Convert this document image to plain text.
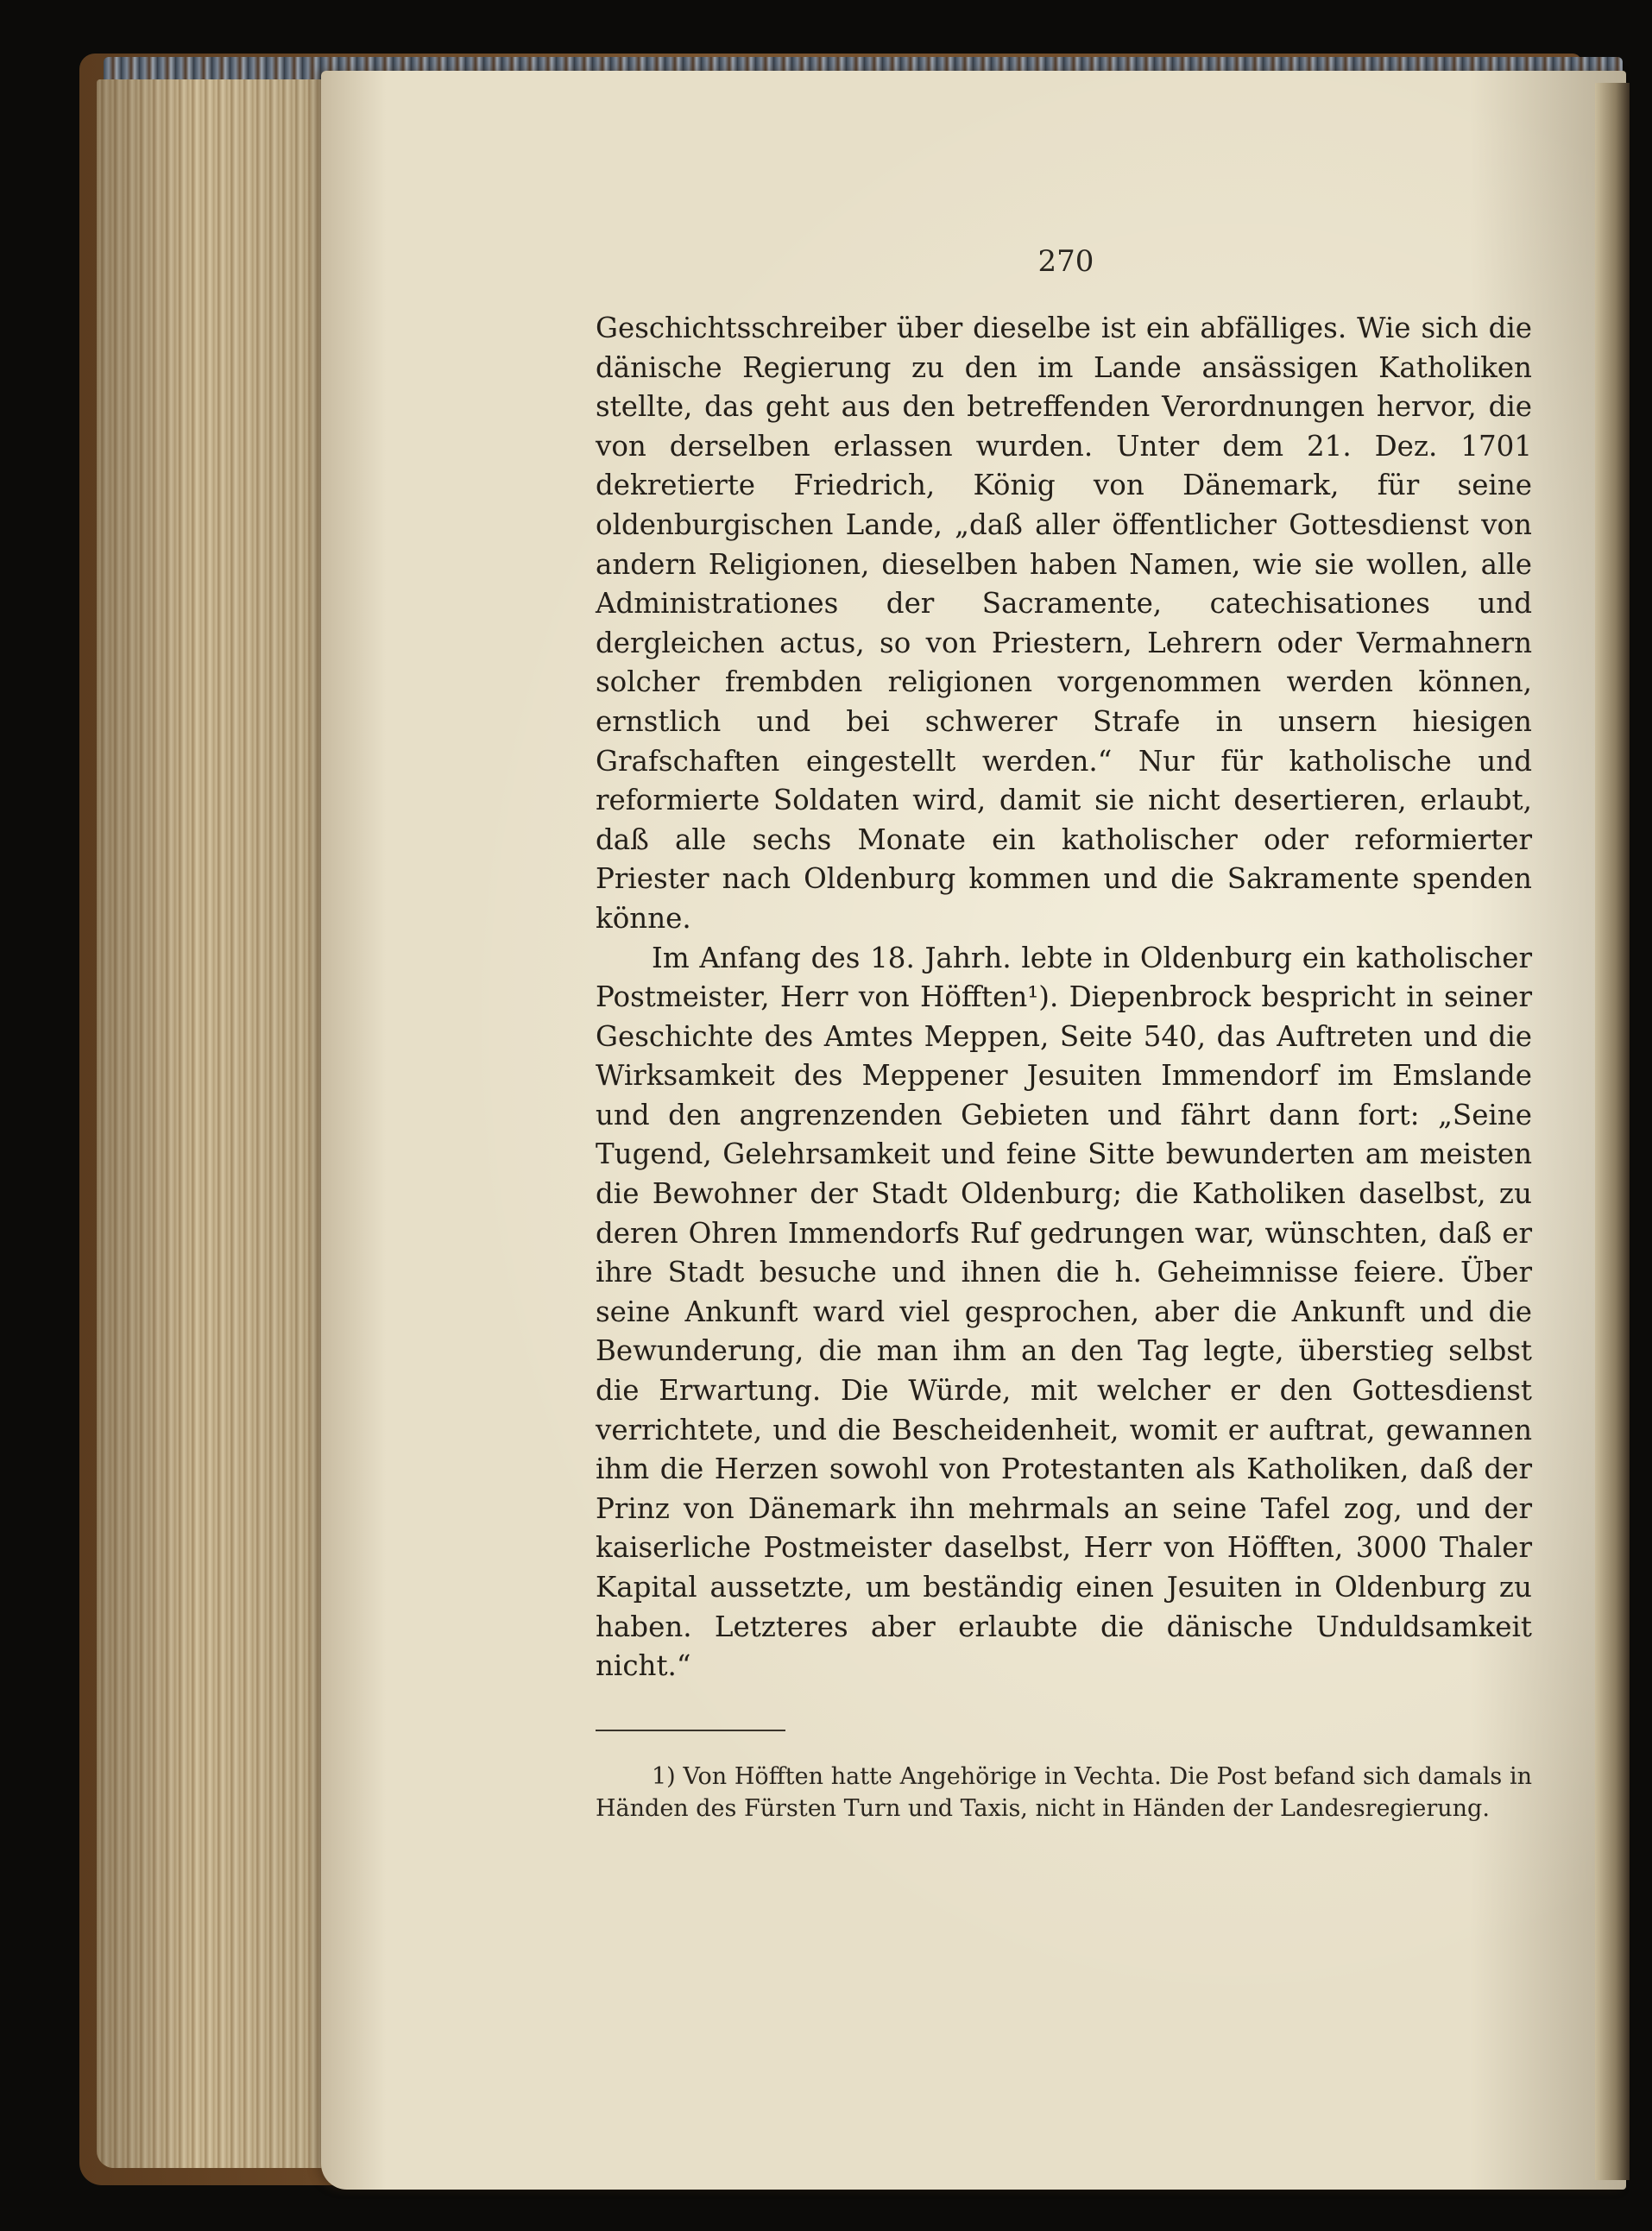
270

Geschichtsschreiber über dieselbe ist ein abfälliges. Wie sich die dänische Regierung zu den im Lande ansässigen Katholiken stellte, das geht aus den betreffenden Verordnungen hervor, die von derselben erlassen wurden. Unter dem 21. Dez. 1701 dekretierte Friedrich, König von Dänemark, für seine oldenburgischen Lande, „daß aller öffentlicher Gottesdienst von andern Religionen, dieselben haben Namen, wie sie wollen, alle Administrationes der Sacramente, catechisationes und dergleichen actus, so von Priestern, Lehrern oder Vermahnern solcher frembden religionen vorgenommen werden können, ernstlich und bei schwerer Strafe in unsern hiesigen Grafschaften eingestellt werden.“ Nur für katholische und reformierte Soldaten wird, damit sie nicht desertieren, erlaubt, daß alle sechs Monate ein katholischer oder reformierter Priester nach Oldenburg kommen und die Sakramente spenden könne.

Im Anfang des 18. Jahrh. lebte in Oldenburg ein katholischer Postmeister, Herr von Höfften¹). Diepenbrock bespricht in seiner Geschichte des Amtes Meppen, Seite 540, das Auftreten und die Wirksamkeit des Meppener Jesuiten Immendorf im Emslande und den angrenzenden Gebieten und fährt dann fort: „Seine Tugend, Gelehrsamkeit und feine Sitte bewunderten am meisten die Bewohner der Stadt Oldenburg; die Katholiken daselbst, zu deren Ohren Immendorfs Ruf gedrungen war, wünschten, daß er ihre Stadt besuche und ihnen die h. Geheimnisse feiere. Über seine Ankunft ward viel gesprochen, aber die Ankunft und die Bewunderung, die man ihm an den Tag legte, überstieg selbst die Erwartung. Die Würde, mit welcher er den Gottesdienst verrichtete, und die Bescheidenheit, womit er auftrat, gewannen ihm die Herzen sowohl von Protestanten als Katholiken, daß der Prinz von Dänemark ihn mehrmals an seine Tafel zog, und der kaiserliche Postmeister daselbst, Herr von Höfften, 3000 Thaler Kapital aussetzte, um beständig einen Jesuiten in Oldenburg zu haben. Letzteres aber erlaubte die dänische Unduldsamkeit nicht.“

1) Von Höfften hatte Angehörige in Vechta. Die Post befand sich damals in Händen des Fürsten Turn und Taxis, nicht in Händen der Landesregierung.
